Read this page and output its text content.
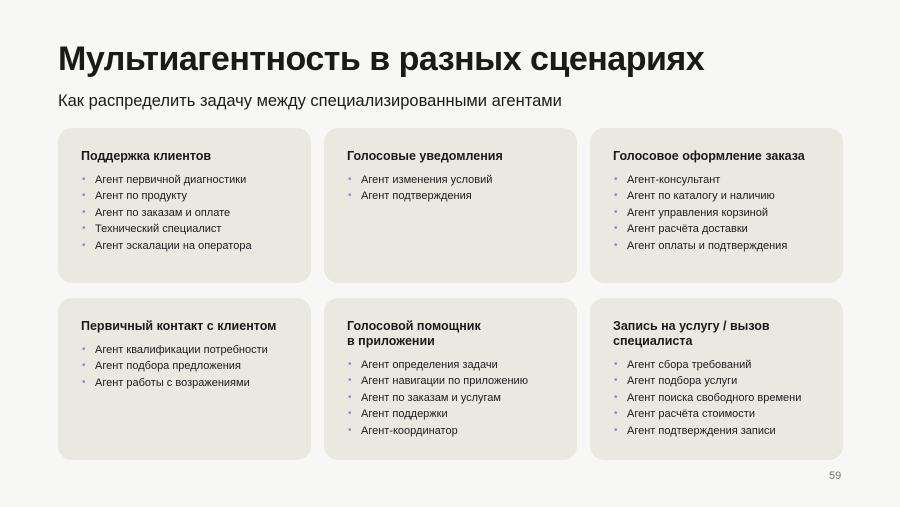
Мультиагентность в разных сценариях

Как распределить задачу между специализированными агентами

Поддержка клиентов
• Агент первичной диагностики
• Агент по продукту
• Агент по заказам и оплате
• Технический специалист
• Агент эскалации на оператора
Голосовые уведомления
• Агент изменения условий
• Агент подтверждения
Голосовое оформление заказа
• Агент-консультант
• Агент по каталогу и наличию
• Агент управления корзиной
• Агент расчёта доставки
• Агент оплаты и подтверждения
Первичный контакт с клиентом
• Агент квалификации потребности
• Агент подбора предложения
• Агент работы с возражениями
Голосовой помощник
в приложении
• Агент определения задачи
• Агент навигации по приложению
• Агент по заказам и услугам
• Агент поддержки
• Агент-координатор
Запись на услугу / вызов
специалиста
• Агент сбора требований
• Агент подбора услуги
• Агент поиска свободного времени
• Агент расчёта стоимости
• Агент подтверждения записи
59
